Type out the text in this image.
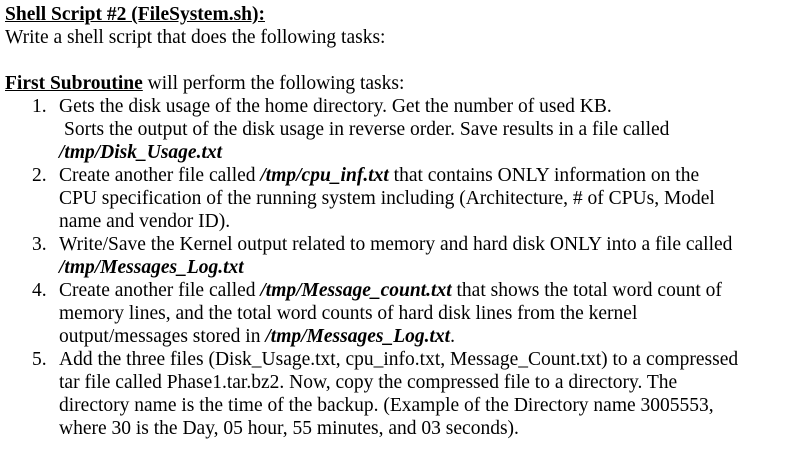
Shell Script #2 (FileSystem.sh):
Write a shell script that does the following tasks:
First Subroutine will perform the following tasks:
1. Gets the disk usage of the home directory. Get the number of used KB.
Sorts the output of the disk usage in reverse order. Save results in a file called
/tmp/Disk_Usage.txt
2. Create another file called /tmp/cpu_inf.txt that contains ONLY information on the
CPU specification of the running system including (Architecture, # of CPUs, Model
name and vendor ID).
3. Write/Save the Kernel output related to memory and hard disk ONLY into a file called
/tmp/Messages_Log.txt
4. Create another file called /tmp/Message_count.txt that shows the total word count of
memory lines, and the total word counts of hard disk lines from the kernel
output/messages stored in /tmp/Messages_Log.txt.
5. Add the three files (Disk_Usage.txt, cpu_info.txt, Message_Count.txt) to a compressed
tar file called Phase1.tar.bz2. Now, copy the compressed file to a directory. The
directory name is the time of the backup. (Example of the Directory name 3005553,
where 30 is the Day, 05 hour, 55 minutes, and 03 seconds).
